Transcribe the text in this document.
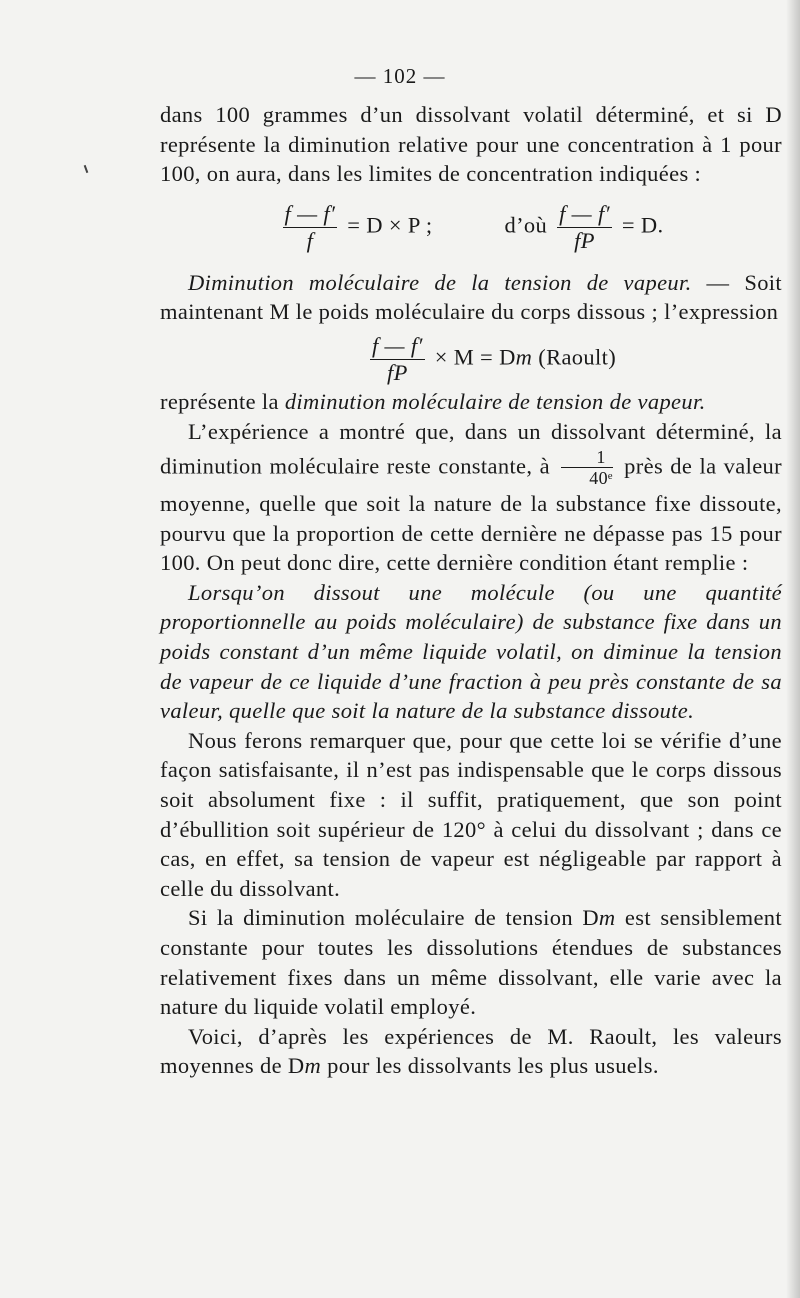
— 102 —

dans 100 grammes d’un dissolvant volatil déterminé, et si D représente la diminution relative pour une concentration à 1 pour 100, on aura, dans les limites de concentration indiquées :

$\frac{f — f'}{f} = D \times P$ ;	d’où $\frac{f — f'}{fP} = D$.

Diminution moléculaire de la tension de vapeur. — Soit maintenant M le poids moléculaire du corps dissous ; l’expression

$\frac{f — f'}{fP} \times M = Dm$ (Raoult)

représente la diminution moléculaire de tension de vapeur.

L’expérience a montré que, dans un dissolvant déterminé, la diminution moléculaire reste constante, à $\frac{1}{\text{40ᵉ}}$ près de la valeur moyenne, quelle que soit la nature de la substance fixe dissoute, pourvu que la proportion de cette dernière ne dépasse pas 15 pour 100. On peut donc dire, cette dernière condition étant remplie :

Lorsqu’on dissout une molécule (ou une quantité proportionnelle au poids moléculaire) de substance fixe dans un poids constant d’un même liquide volatil, on diminue la tension de vapeur de ce liquide d’une fraction à peu près constante de sa valeur, quelle que soit la nature de la substance dissoute.

Nous ferons remarquer que, pour que cette loi se vérifie d’une façon satisfaisante, il n’est pas indispensable que le corps dissous soit absolument fixe : il suffit, pratiquement, que son point d’ébullition soit supérieur de 120° à celui du dissolvant ; dans ce cas, en effet, sa tension de vapeur est négligeable par rapport à celle du dissolvant.

Si la diminution moléculaire de tension Dm est sensiblement constante pour toutes les dissolutions étendues de substances relativement fixes dans un même dissolvant, elle varie avec la nature du liquide volatil employé.

Voici, d’après les expériences de M. Raoult, les valeurs moyennes de Dm pour les dissolvants les plus usuels.
